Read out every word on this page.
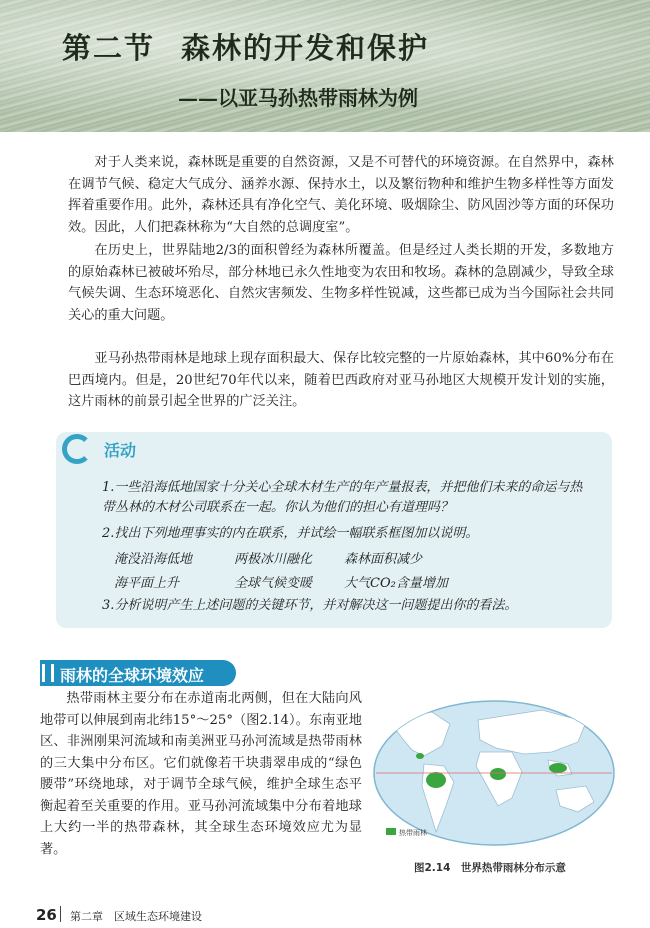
第二节 森林的开发和保护
——以亚马孙热带雨林为例

对于人类来说，森林既是重要的自然资源，又是不可替代的环境资源。在自然界中，森林在调节气候、稳定大气成分、涵养水源、保持水土，以及繁衍物种和维护生物多样性等方面发挥着重要作用。此外，森林还具有净化空气、美化环境、吸烟除尘、防风固沙等方面的环保功效。因此，人们把森林称为“大自然的总调度室”。

在历史上，世界陆地2/3的面积曾经为森林所覆盖。但是经过人类长期的开发，多数地方的原始森林已被破坏殆尽，部分林地已永久性地变为农田和牧场。森林的急剧减少，导致全球气候失调、生态环境恶化、自然灾害频发、生物多样性锐减，这些都已成为当今国际社会共同关心的重大问题。

亚马孙热带雨林是地球上现存面积最大、保存比较完整的一片原始森林，其中60%分布在巴西境内。但是，20世纪70年代以来，随着巴西政府对亚马孙地区大规模开发计划的实施，这片雨林的前景引起全世界的广泛关注。

活动
1.一些沿海低地国家十分关心全球木材生产的年产量报表，并把他们未来的命运与热带丛林的木材公司联系在一起。你认为他们的担心有道理吗？
2.找出下列地理事实的内在联系，并试绘一幅联系框图加以说明。
淹没沿海低地	两极冰川融化 森林面积减少
海平面上升	全球气候变暖 大气CO₂含量增加
3.分析说明产生上述问题的关键环节，并对解决这一问题提出你的看法。
雨林的全球环境效应

热带雨林主要分布在赤道南北两侧，但在大陆向风地带可以伸展到南北纬15°～25°（图2.14）。东南亚地区、非洲刚果河流域和南美洲亚马孙河流域是热带雨林的三大集中分布区。它们就像若干块翡翠串成的“绿色腰带”环绕地球，对于调节全球气候，维护全球生态平衡起着至关重要的作用。亚马孙河流域集中分布着地球上大约一半的热带森林，其全球生态环境效应尤为显著。

热带雨林
图2.14　世界热带雨林分布示意
26 第二章　区域生态环境建设
